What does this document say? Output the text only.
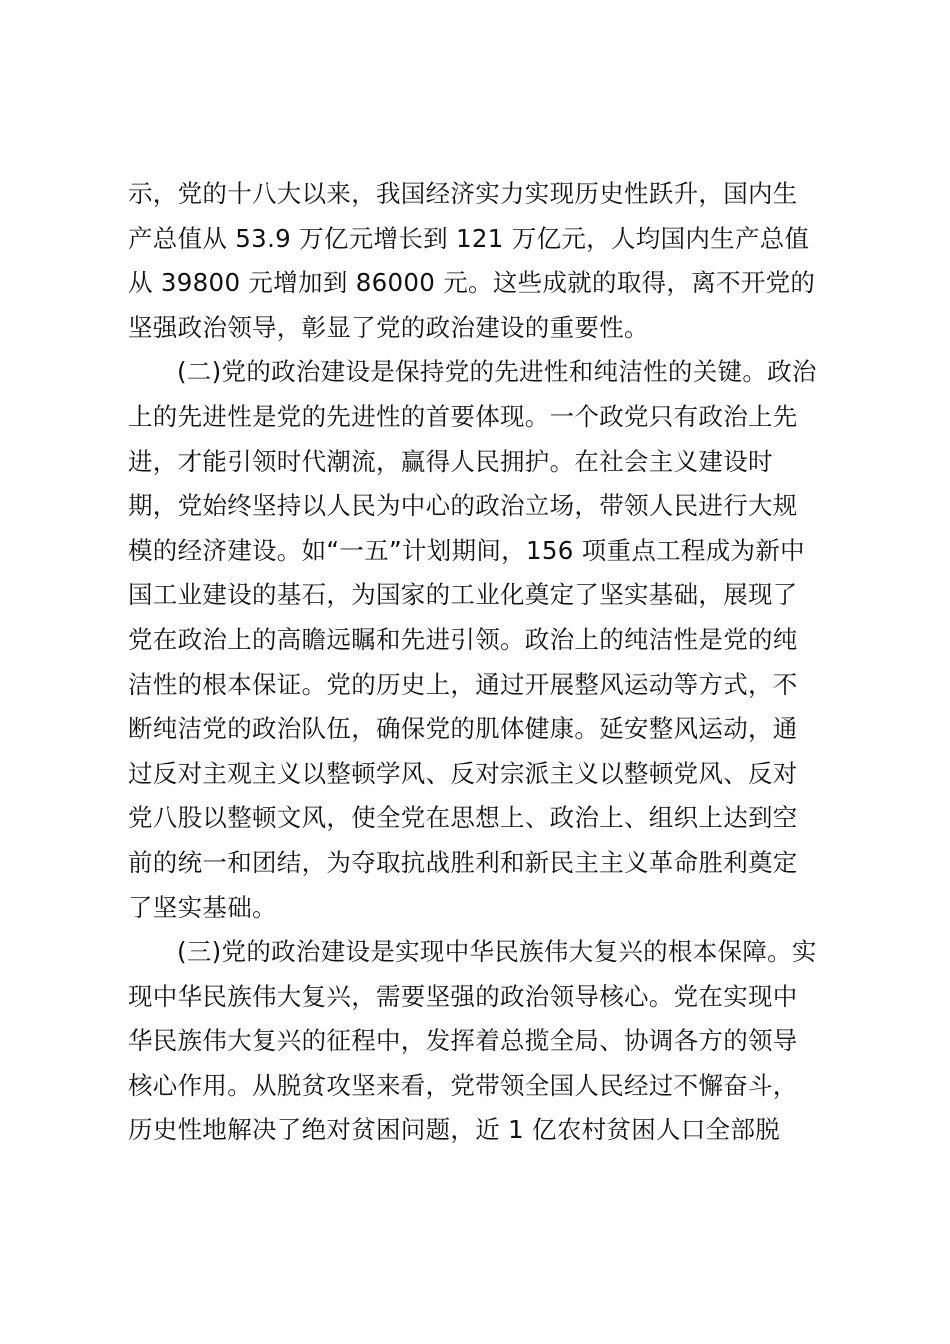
示，党的十八大以来，我国经济实力实现历史性跃升，国内生
产总值从 53.9 万亿元增长到 121 万亿元，人均国内生产总值
从 39800 元增加到 86000 元。这些成就的取得，离不开党的
坚强政治领导，彰显了党的政治建设的重要性。
(二)党的政治建设是保持党的先进性和纯洁性的关键。政治
上的先进性是党的先进性的首要体现。一个政党只有政治上先
进，才能引领时代潮流，赢得人民拥护。在社会主义建设时
期，党始终坚持以人民为中心的政治立场，带领人民进行大规
模的经济建设。如“一五”计划期间，156 项重点工程成为新中
国工业建设的基石，为国家的工业化奠定了坚实基础，展现了
党在政治上的高瞻远瞩和先进引领。政治上的纯洁性是党的纯
洁性的根本保证。党的历史上，通过开展整风运动等方式，不
断纯洁党的政治队伍，确保党的肌体健康。延安整风运动，通
过反对主观主义以整顿学风、反对宗派主义以整顿党风、反对
党八股以整顿文风，使全党在思想上、政治上、组织上达到空
前的统一和团结，为夺取抗战胜利和新民主主义革命胜利奠定
了坚实基础。
(三)党的政治建设是实现中华民族伟大复兴的根本保障。实
现中华民族伟大复兴，需要坚强的政治领导核心。党在实现中
华民族伟大复兴的征程中，发挥着总揽全局、协调各方的领导
核心作用。从脱贫攻坚来看，党带领全国人民经过不懈奋斗，
历史性地解决了绝对贫困问题，近 1 亿农村贫困人口全部脱
